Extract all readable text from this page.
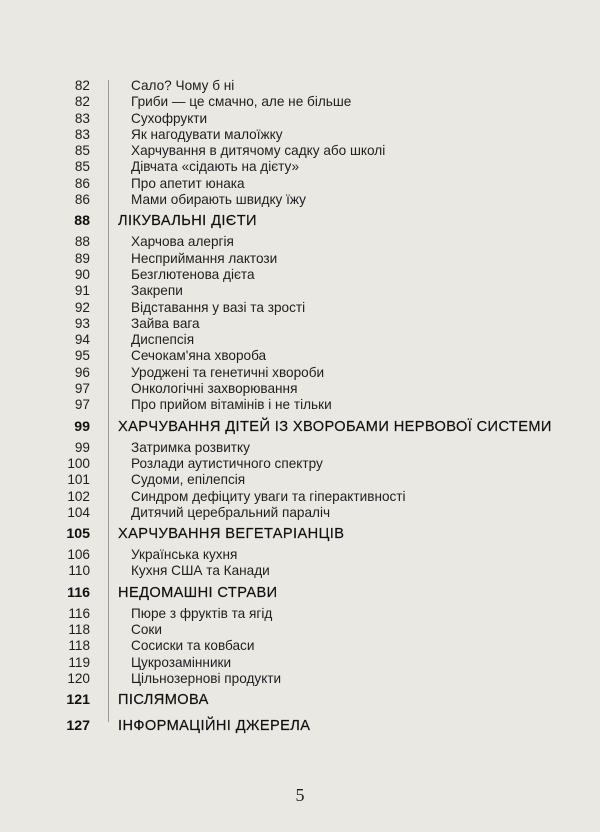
82	Сало? Чому б ні
82	Гриби — це смачно, але не більше
83	Сухофрукти
83	Як нагодувати малоїжку
85	Харчування в дитячому садку або школі
85	Дівчата «сідають на дієту»
86	Про апетит юнака
86	Мами обирають швидку їжу
88 ЛІКУВАЛЬНІ ДІЄТИ
88	Харчова алергія
89	Несприймання лактози
90	Безглютенова дієта
91	Закрепи
92	Відставання у вазі та зрості
93	Зайва вага
94	Диспепсія
95	Сечокам'яна хвороба
96	Уроджені та генетичні хвороби
97	Онкологічні захворювання
97	Про прийом вітамінів і не тільки
99 ХАРЧУВАННЯ ДІТЕЙ ІЗ ХВОРОБАМИ НЕРВОВОЇ СИСТЕМИ
99	Затримка розвитку
100	Розлади аутистичного спектру
101	Судоми, епілепсія
102	Синдром дефіциту уваги та гіперактивності
104	Дитячий церебральний параліч
105 ХАРЧУВАННЯ ВЕГЕТАРІАНЦІВ
106	Українська кухня
110	Кухня США та Канади
116 НЕДОМАШНІ СТРАВИ
116	Пюре з фруктів та ягід
118	Соки
118	Сосиски та ковбаси
119	Цукрозамінники
120	Цільнозернові продукти
121 ПІСЛЯМОВА
127 ІНФОРМАЦІЙНІ ДЖЕРЕЛА
5
